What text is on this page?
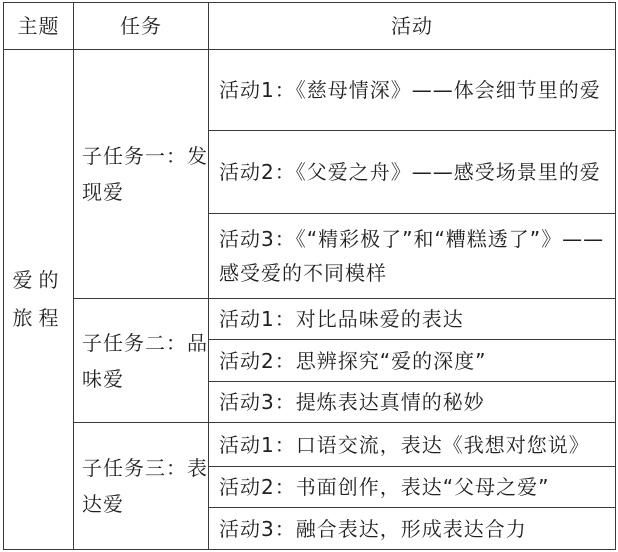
主题	任务	活动
爱的旅程	子任务一：发现爱	活动1：《慈母情深》——体会细节里的爱
		活动2：《父爱之舟》——感受场景里的爱
		活动3：《“精彩极了”和“糟糕透了”》——感受爱的不同模样
	子任务二：品味爱	活动1：对比品味爱的表达
		活动2：思辨探究“爱的深度”
		活动3：提炼表达真情的秘妙
	子任务三：表达爱	活动1：口语交流，表达《我想对您说》
		活动2：书面创作，表达“父母之爱”
		活动3：融合表达，形成表达合力
